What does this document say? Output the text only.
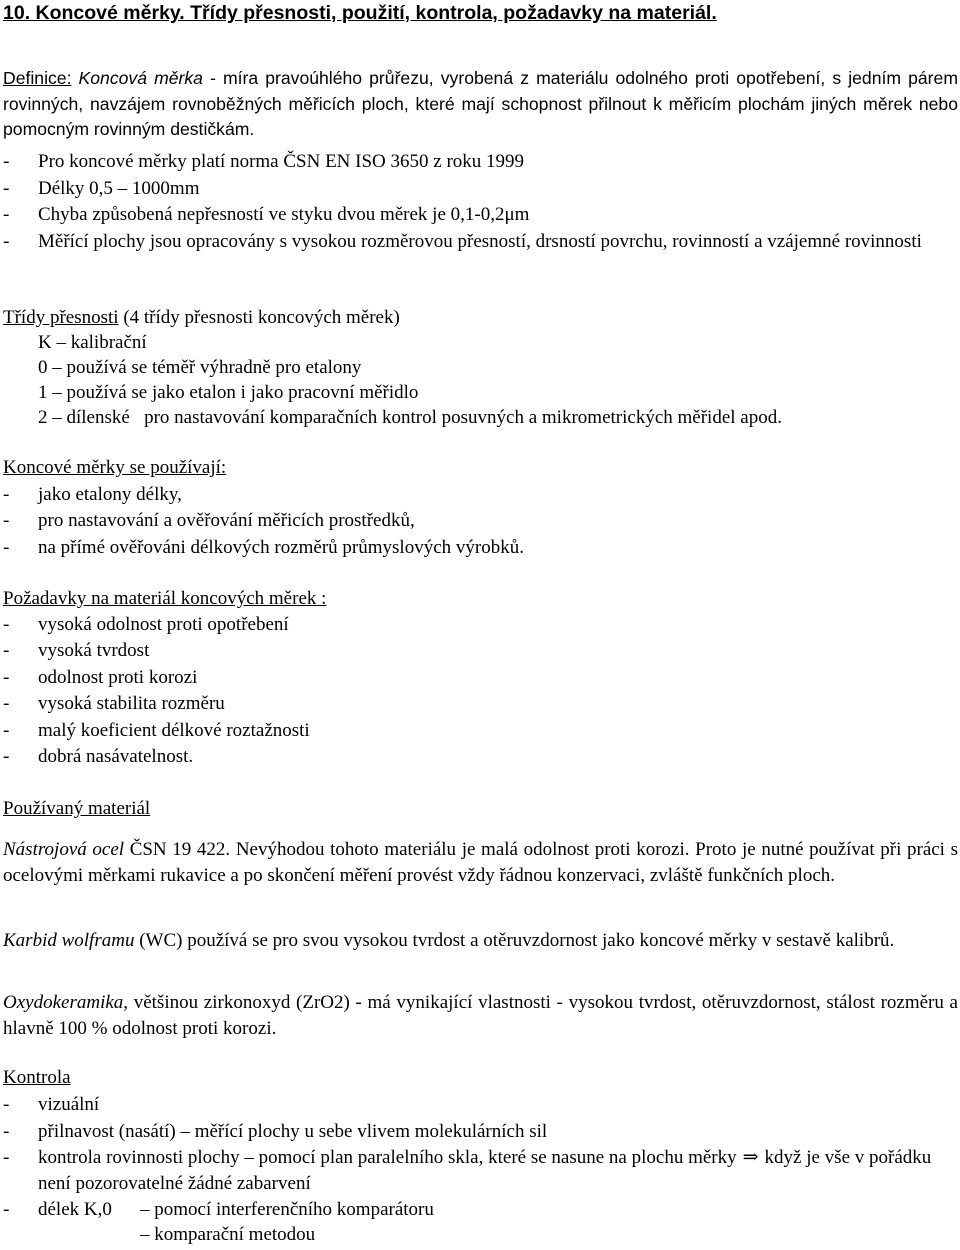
10. Koncové měrky. Třídy přesnosti, použití, kontrola, požadavky na materiál.
Definice: Koncová měrka - míra pravoúhlého průřezu, vyrobená z materiálu odolného proti opotřebení, s jedním párem rovinných, navzájem rovnoběžných měřicích ploch, které mají schopnost přilnout k měřicím plochám jiných měrek nebo pomocným rovinným destičkám.
- Pro koncové měrky platí norma ČSN EN ISO 3650 z roku 1999
- Délky 0,5 – 1000mm
- Chyba způsobená nepřesností ve styku dvou měrek je 0,1-0,2μm
- Měřící plochy jsou opracovány s vysokou rozměrovou přesností, drsností povrchu, rovinností a vzájemné rovinnosti
Třídy přesnosti (4 třídy přesnosti koncových měrek)
K – kalibrační
0 – používá se téměř výhradně pro etalony
1 – používá se jako etalon i jako pracovní měřidlo
2 – dílenské   pro nastavování komparačních kontrol posuvných a mikrometrických měřidel apod.
Koncové měrky se používají:
- jako etalony délky,
- pro nastavování a ověřování měřicích prostředků,
- na přímé ověřováni délkových rozměrů průmyslových výrobků.
Požadavky na materiál koncových měrek :
- vysoká odolnost proti opotřebení
- vysoká tvrdost
- odolnost proti korozi
- vysoká stabilita rozměru
- malý koeficient délkové roztažnosti
- dobrá nasávatelnost.
Používaný materiál
Nástrojová ocel ČSN 19 422. Nevýhodou tohoto materiálu je malá odolnost proti korozi. Proto je nutné používat při práci s ocelovými měrkami rukavice a po skončení měření provést vždy řádnou konzervaci, zvláště funkčních ploch.
Karbid wolframu (WC) používá se pro svou vysokou tvrdost a otěruvzdornost jako koncové měrky v sestavě kalibrů.
Oxydokeramika, většinou zirkonoxyd (ZrO2) - má vynikající vlastnosti - vysokou tvrdost, otěruvzdornost, stálost rozměru a hlavně 100 % odolnost proti korozi.
Kontrola
- vizuální
- přilnavost (nasátí) – měřící plochy u sebe vlivem molekulárních sil
- kontrola rovinnosti plochy – pomocí plan paralelního skla, které se nasune na plochu měrky ⇒ když je vše v pořádku není pozorovatelné žádné zabarvení
- délek K,0 – pomocí interferenčního komparátoru
– komparační metodou
